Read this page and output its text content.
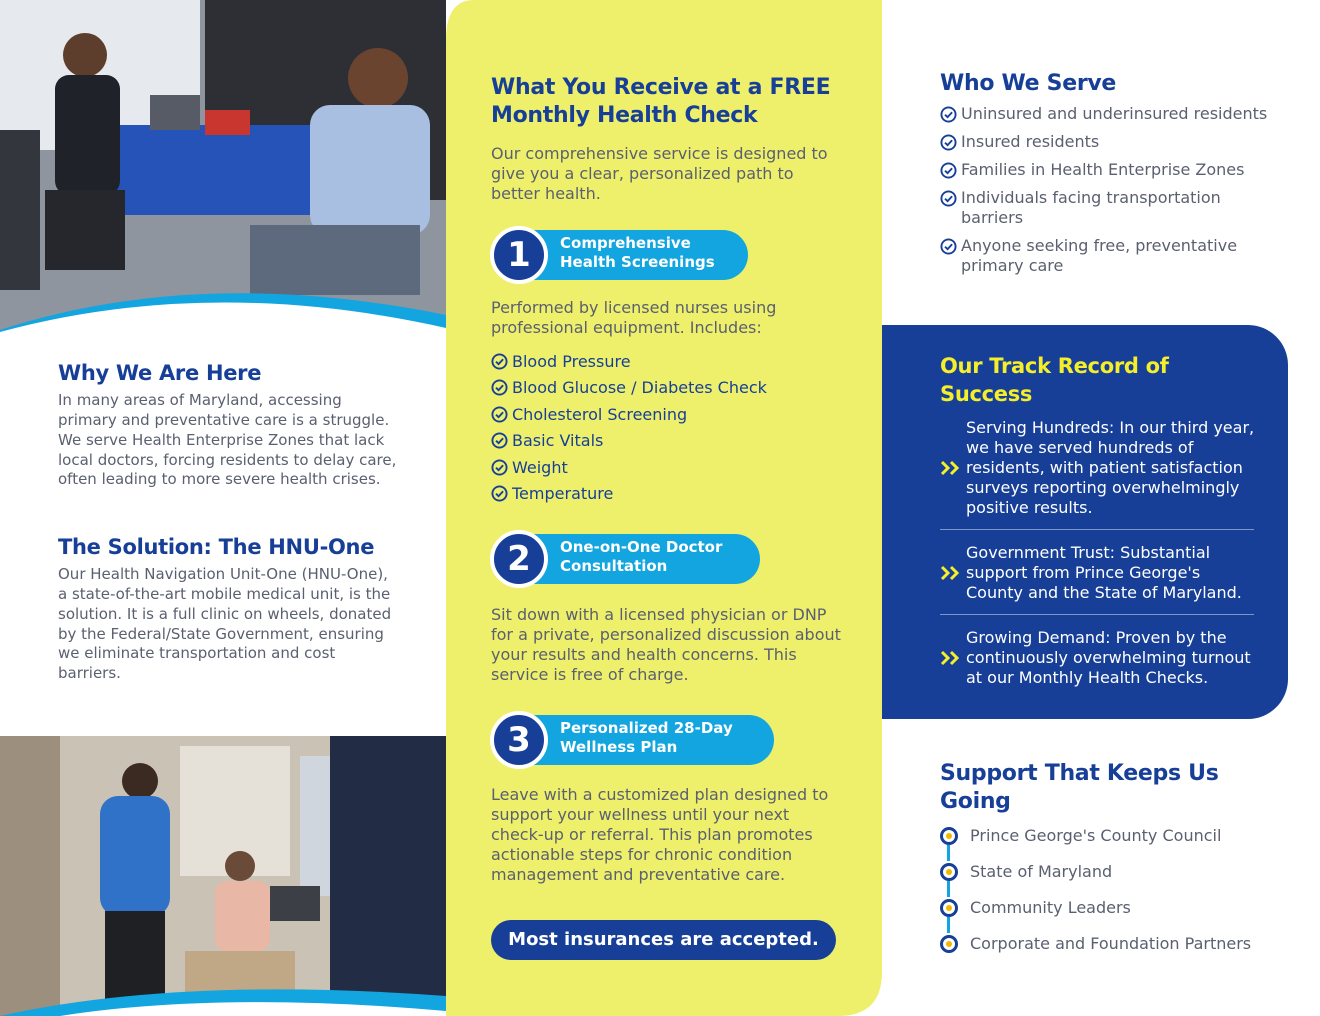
Why We Are Here
In many areas of Maryland, accessing primary and preventative care is a struggle. We serve Health Enterprise Zones that lack local doctors, forcing residents to delay care, often leading to more severe health crises.
The Solution: The HNU-One
Our Health Navigation Unit-One (HNU-One), a state-of-the-art mobile medical unit, is the solution. It is a full clinic on wheels, donated by the Federal/State Government, ensuring we eliminate transportation and cost barriers.
What You Receive at a FREE Monthly Health Check
Our comprehensive service is designed to give you a clear, personalized path to better health.
1	Comprehensive Health Screenings
Performed by licensed nurses using professional equipment. Includes:
Blood Pressure
Blood Glucose / Diabetes Check
Cholesterol Screening
Basic Vitals
Weight
Temperature
2	One-on-One Doctor Consultation
Sit down with a licensed physician or DNP for a private, personalized discussion about your results and health concerns. This service is free of charge.
3	Personalized 28-Day Wellness Plan
Leave with a customized plan designed to support your wellness until your next check-up or referral. This plan promotes actionable steps for chronic condition management and preventative care.
Most insurances are accepted.
Who We Serve
Uninsured and underinsured residents
Insured residents
Families in Health Enterprise Zones
Individuals facing transportation barriers
Anyone seeking free, preventative primary care
Our Track Record of Success
Serving Hundreds: In our third year, we have served hundreds of residents, with patient satisfaction surveys reporting overwhelmingly positive results.
Government Trust: Substantial support from Prince George's County and the State of Maryland.
Growing Demand: Proven by the continuously overwhelming turnout at our Monthly Health Checks.
Support That Keeps Us Going
Prince George's County Council
State of Maryland
Community Leaders
Corporate and Foundation Partners
